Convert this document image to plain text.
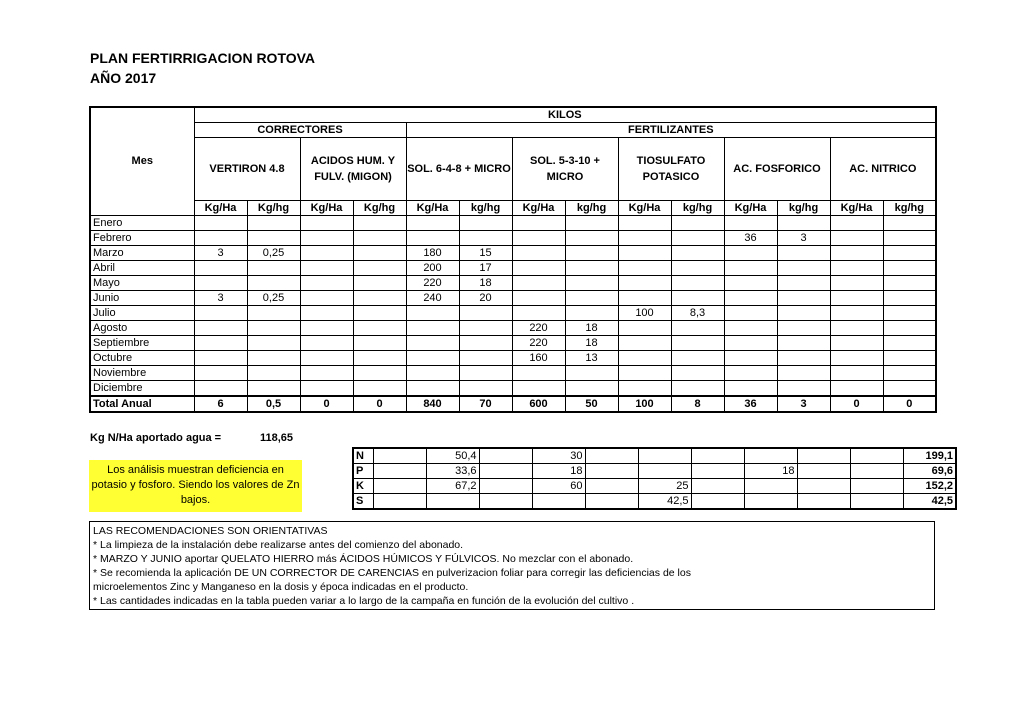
PLAN FERTIRRIGACION ROTOVA
AÑO 2017
Mes	KILOS													
	CORRECTORES				FERTILIZANTES									
	VERTIRON 4.8		ACIDOS HUM. Y FULV. (MIGON)		SOL. 6-4-8 + MICRO		SOL. 5-3-10 + MICRO		TIOSULFATO POTASICO		AC. FOSFORICO		AC. NITRICO	
	Kg/Ha	Kg/hg	Kg/Ha	Kg/hg	Kg/Ha	kg/hg	Kg/Ha	kg/hg	Kg/Ha	kg/hg	Kg/Ha	kg/hg	Kg/Ha	kg/hg
Enero														
Febrero											36	3		
Marzo	3	0,25			180	15								
Abril					200	17								
Mayo					220	18								
Junio	3	0,25			240	20								
Julio									100	8,3				
Agosto							220	18						
Septiembre							220	18						
Octubre							160	13						
Noviembre														
Diciembre														
Total Anual	6	0,5	0	0	840	70	600	50	100	8	36	3	0	0
Kg N/Ha aportado agua =	118,65
Los análisis muestran deficiencia en potasio y fosforo. Siendo los valores de Zn bajos.
N		50,4		30							199,1
P		33,6		18				18			69,6
K		67,2		60		25					152,2
S						42,5					42,5
LAS RECOMENDACIONES SON ORIENTATIVAS
* La limpieza de la instalación debe realizarse antes del comienzo del abonado.
* MARZO Y JUNIO aportar QUELATO HIERRO más ÁCIDOS HÚMICOS Y FÚLVICOS. No mezclar con el abonado.
* Se recomienda la aplicación DE UN CORRECTOR DE CARENCIAS en pulverizacion foliar para corregir las deficiencias de los
microelementos Zinc y Manganeso en la dosis y época indicadas en el producto.
* Las cantidades indicadas en la tabla pueden variar a lo largo de la campaña en función de la evolución del cultivo .
